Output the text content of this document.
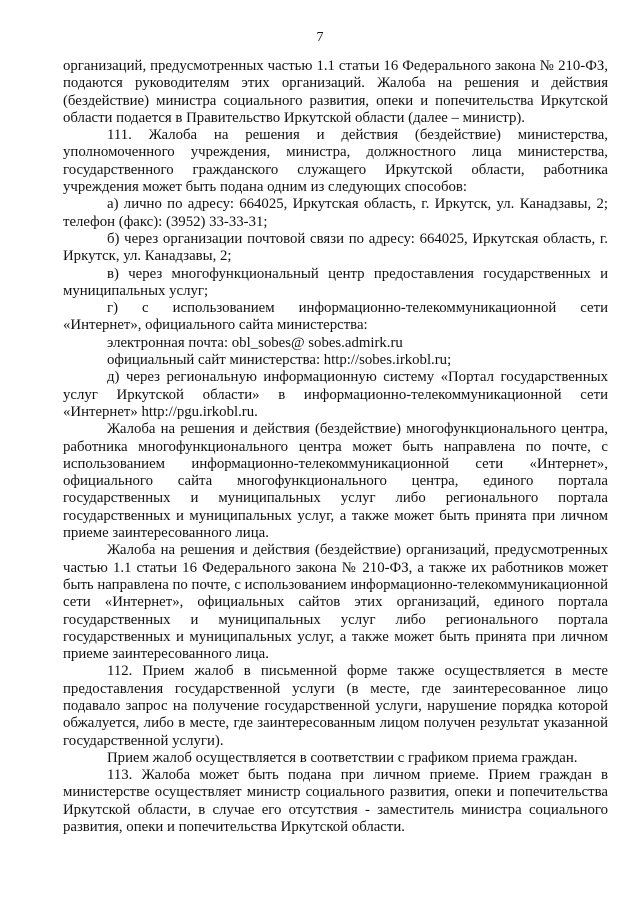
7

организаций, предусмотренных частью 1.1 статьи 16 Федерального закона № 210-ФЗ, подаются руководителям этих организаций. Жалоба на решения и действия (бездействие) министра социального развития, опеки и попечительства Иркутской области подается в Правительство Иркутской области (далее – министр).

111. Жалоба на решения и действия (бездействие) министерства, уполномоченного учреждения, министра, должностного лица министерства, государственного гражданского служащего Иркутской области, работника учреждения может быть подана одним из следующих способов:

а) лично по адресу: 664025, Иркутская область, г. Иркутск, ул. Канадзавы, 2; телефон (факс): (3952) 33-33-31;

б) через организации почтовой связи по адресу: 664025, Иркутская область, г. Иркутск, ул. Канадзавы, 2;

в) через многофункциональный центр предоставления государственных и муниципальных услуг;

г) с использованием информационно-телекоммуникационной сети «Интернет», официального сайта министерства:

электронная почта: obl_sobes@ sobes.admirk.ru

официальный сайт министерства: http://sobes.irkobl.ru;

д) через региональную информационную систему «Портал государственных услуг Иркутской области» в информационно-телекоммуникационной сети «Интернет» http://pgu.irkobl.ru.

Жалоба на решения и действия (бездействие) многофункционального центра, работника многофункционального центра может быть направлена по почте, с использованием информационно-телекоммуникационной сети «Интернет», официального сайта многофункционального центра, единого портала государственных и муниципальных услуг либо регионального портала государственных и муниципальных услуг, а также может быть принята при личном приеме заинтересованного лица.

Жалоба на решения и действия (бездействие) организаций, предусмотренных частью 1.1 статьи 16 Федерального закона № 210-ФЗ, а также их работников может быть направлена по почте, с использованием информационно-телекоммуникационной сети «Интернет», официальных сайтов этих организаций, единого портала государственных и муниципальных услуг либо регионального портала государственных и муниципальных услуг, а также может быть принята при личном приеме заинтересованного лица.

112. Прием жалоб в письменной форме также осуществляется в месте предоставления государственной услуги (в месте, где заинтересованное лицо подавало запрос на получение государственной услуги, нарушение порядка которой обжалуется, либо в месте, где заинтересованным лицом получен результат указанной государственной услуги).

Прием жалоб осуществляется в соответствии с графиком приема граждан.

113. Жалоба может быть подана при личном приеме. Прием граждан в министерстве осуществляет министр социального развития, опеки и попечительства Иркутской области, в случае его отсутствия - заместитель министра социального развития, опеки и попечительства Иркутской области.
